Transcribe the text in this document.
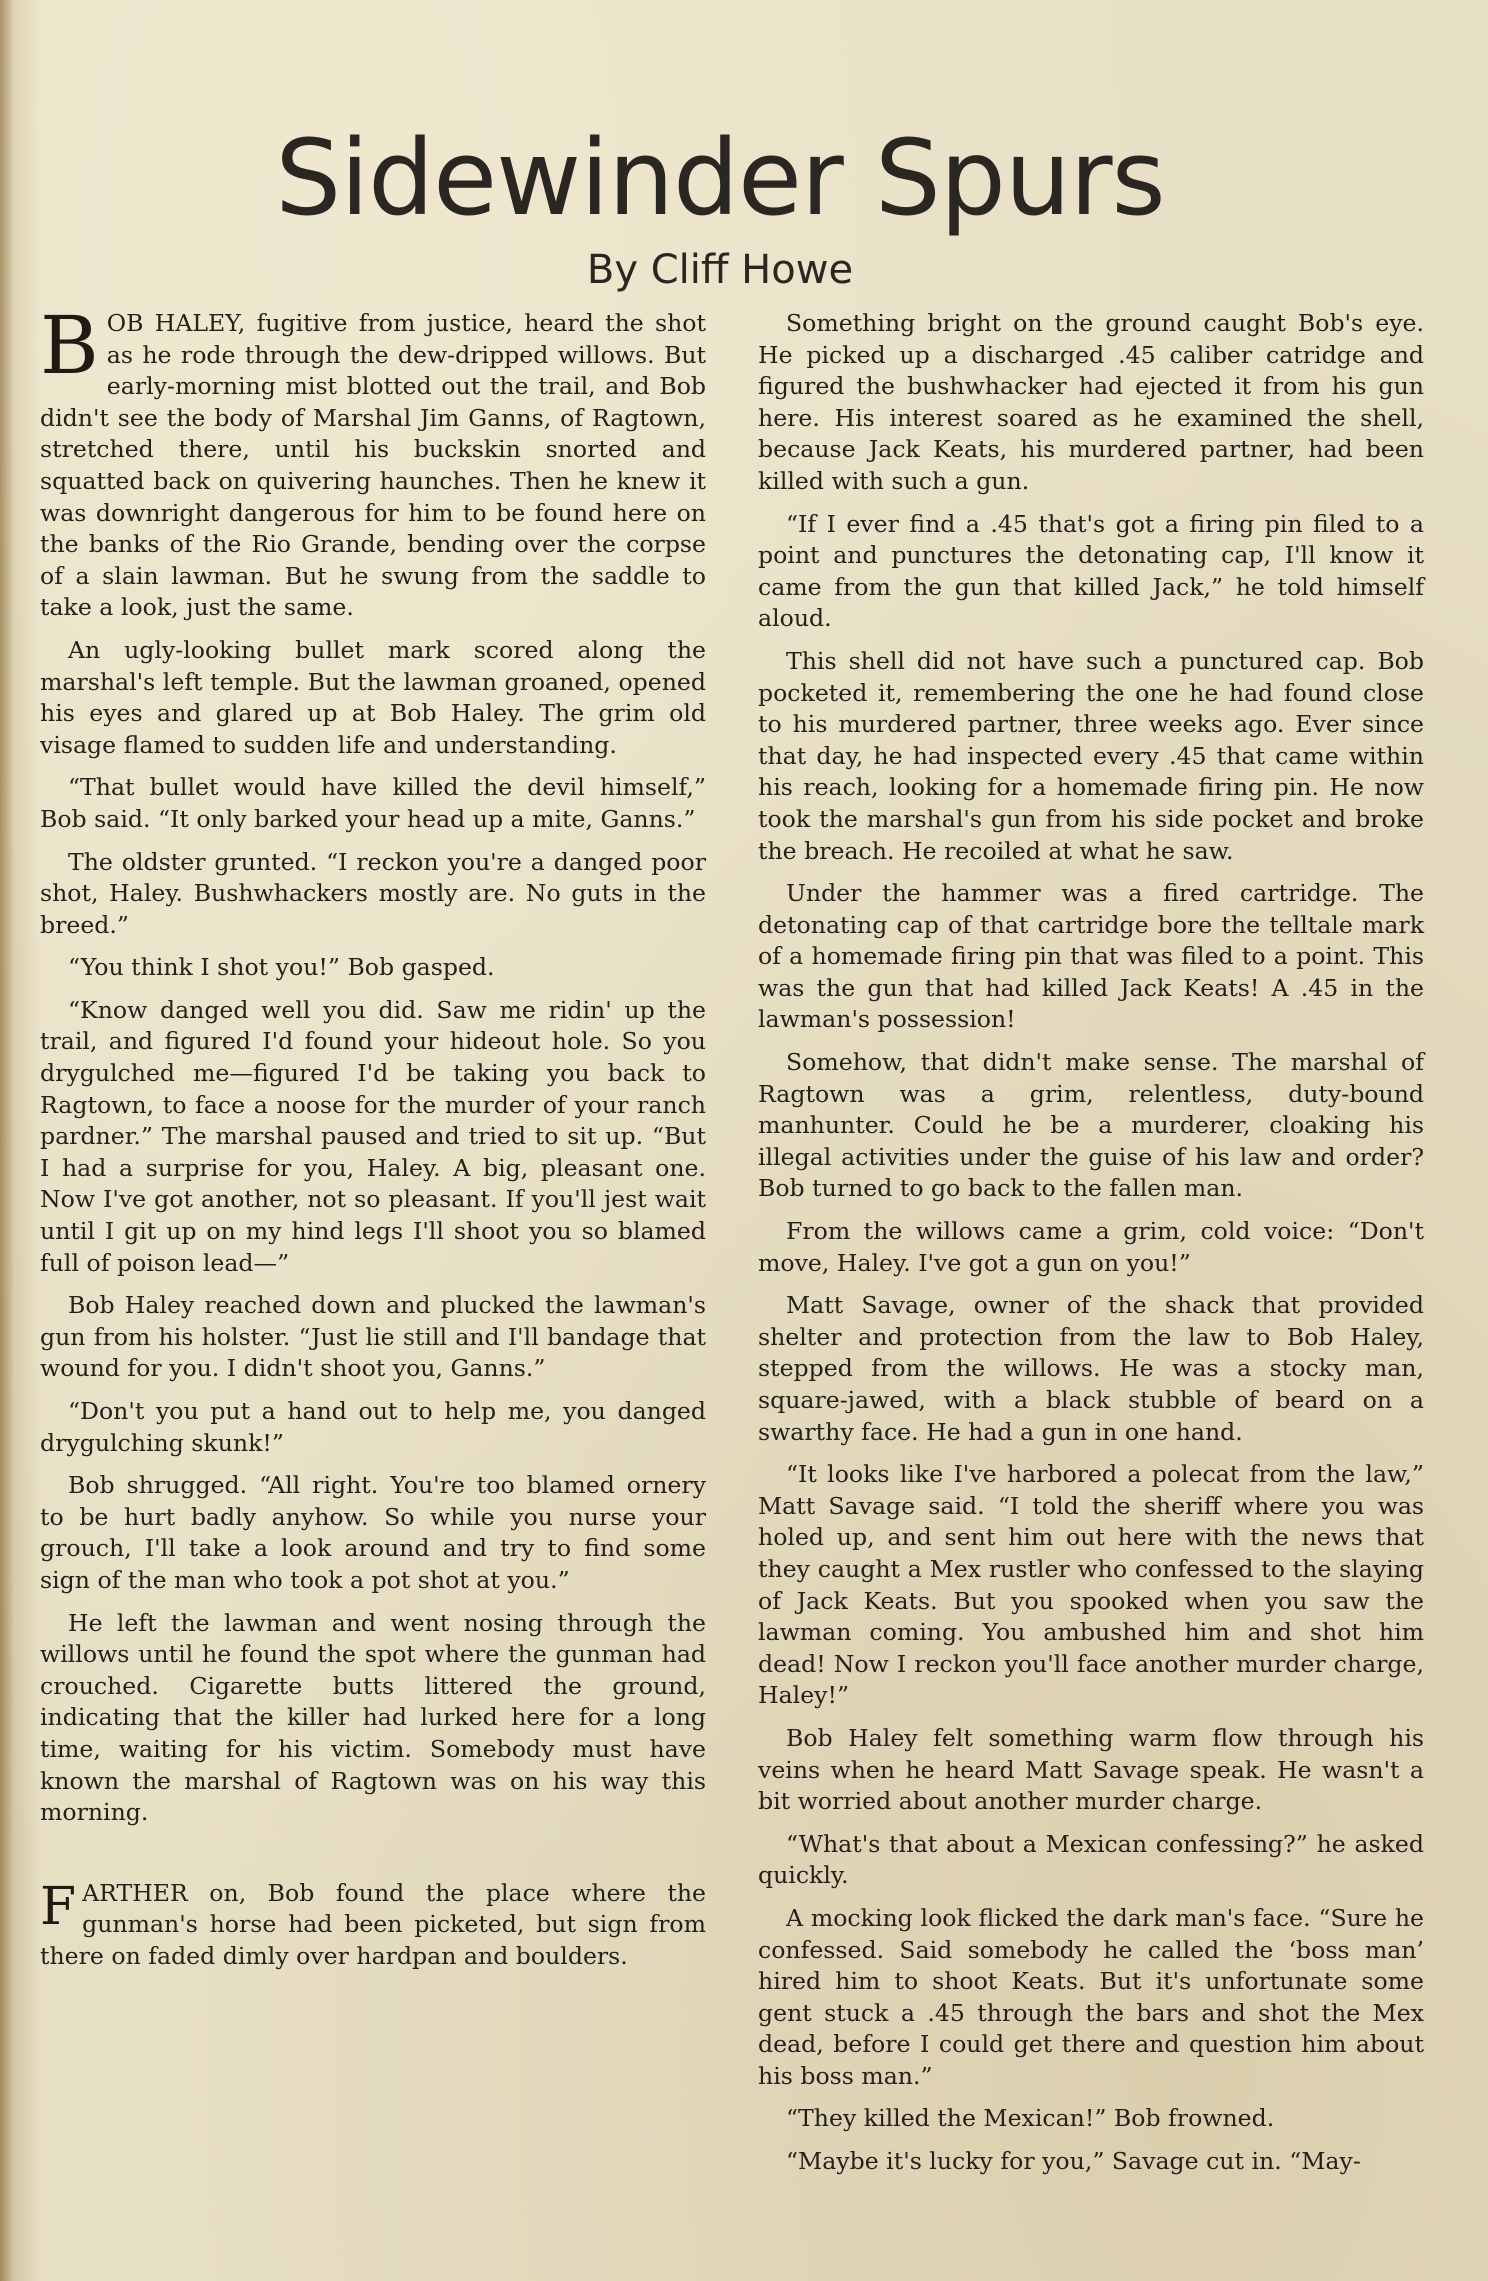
Sidewinder Spurs
By Cliff Howe

BOB HALEY, fugitive from justice, heard the shot as he rode through the dew-dripped willows. But early-morning mist blotted out the trail, and Bob didn't see the body of Marshal Jim Ganns, of Ragtown, stretched there, until his buckskin snorted and squatted back on quivering haunches. Then he knew it was downright dangerous for him to be found here on the banks of the Rio Grande, bending over the corpse of a slain lawman. But he swung from the saddle to take a look, just the same.

An ugly-looking bullet mark scored along the marshal's left temple. But the lawman groaned, opened his eyes and glared up at Bob Haley. The grim old visage flamed to sudden life and understanding.

“That bullet would have killed the devil himself,” Bob said. “It only barked your head up a mite, Ganns.”

The oldster grunted. “I reckon you're a danged poor shot, Haley. Bushwhackers mostly are. No guts in the breed.”

“You think I shot you!” Bob gasped.

“Know danged well you did. Saw me ridin' up the trail, and figured I'd found your hideout hole. So you drygulched me—figured I'd be taking you back to Ragtown, to face a noose for the murder of your ranch pardner.” The marshal paused and tried to sit up. “But I had a surprise for you, Haley. A big, pleasant one. Now I've got another, not so pleasant. If you'll jest wait until I git up on my hind legs I'll shoot you so blamed full of poison lead—”

Bob Haley reached down and plucked the lawman's gun from his holster. “Just lie still and I'll bandage that wound for you. I didn't shoot you, Ganns.”

“Don't you put a hand out to help me, you danged drygulching skunk!”

Bob shrugged. “All right. You're too blamed ornery to be hurt badly anyhow. So while you nurse your grouch, I'll take a look around and try to find some sign of the man who took a pot shot at you.”

He left the lawman and went nosing through the willows until he found the spot where the gunman had crouched. Cigarette butts littered the ground, indicating that the killer had lurked here for a long time, waiting for his victim. Somebody must have known the marshal of Ragtown was on his way this morning.

FARTHER on, Bob found the place where the gunman's horse had been picketed, but sign from there on faded dimly over hardpan and boulders.

Something bright on the ground caught Bob's eye. He picked up a discharged .45 caliber catridge and figured the bushwhacker had ejected it from his gun here. His interest soared as he examined the shell, because Jack Keats, his murdered partner, had been killed with such a gun.

“If I ever find a .45 that's got a firing pin filed to a point and punctures the detonating cap, I'll know it came from the gun that killed Jack,” he told himself aloud.

This shell did not have such a punctured cap. Bob pocketed it, remembering the one he had found close to his murdered partner, three weeks ago. Ever since that day, he had inspected every .45 that came within his reach, looking for a homemade firing pin. He now took the marshal's gun from his side pocket and broke the breach. He recoiled at what he saw.

Under the hammer was a fired cartridge. The detonating cap of that cartridge bore the telltale mark of a homemade firing pin that was filed to a point. This was the gun that had killed Jack Keats! A .45 in the lawman's possession!

Somehow, that didn't make sense. The marshal of Ragtown was a grim, relentless, duty-bound manhunter. Could he be a murderer, cloaking his illegal activities under the guise of his law and order? Bob turned to go back to the fallen man.

From the willows came a grim, cold voice: “Don't move, Haley. I've got a gun on you!”

Matt Savage, owner of the shack that provided shelter and protection from the law to Bob Haley, stepped from the willows. He was a stocky man, square-jawed, with a black stubble of beard on a swarthy face. He had a gun in one hand.

“It looks like I've harbored a polecat from the law,” Matt Savage said. “I told the sheriff where you was holed up, and sent him out here with the news that they caught a Mex rustler who confessed to the slaying of Jack Keats. But you spooked when you saw the lawman coming. You ambushed him and shot him dead! Now I reckon you'll face another murder charge, Haley!”

Bob Haley felt something warm flow through his veins when he heard Matt Savage speak. He wasn't a bit worried about another murder charge.

“What's that about a Mexican confessing?” he asked quickly.

A mocking look flicked the dark man's face. “Sure he confessed. Said somebody he called the ‘boss man’ hired him to shoot Keats. But it's unfortunate some gent stuck a .45 through the bars and shot the Mex dead, before I could get there and question him about his boss man.”

“They killed the Mexican!” Bob frowned.

“Maybe it's lucky for you,” Savage cut in. “May-
